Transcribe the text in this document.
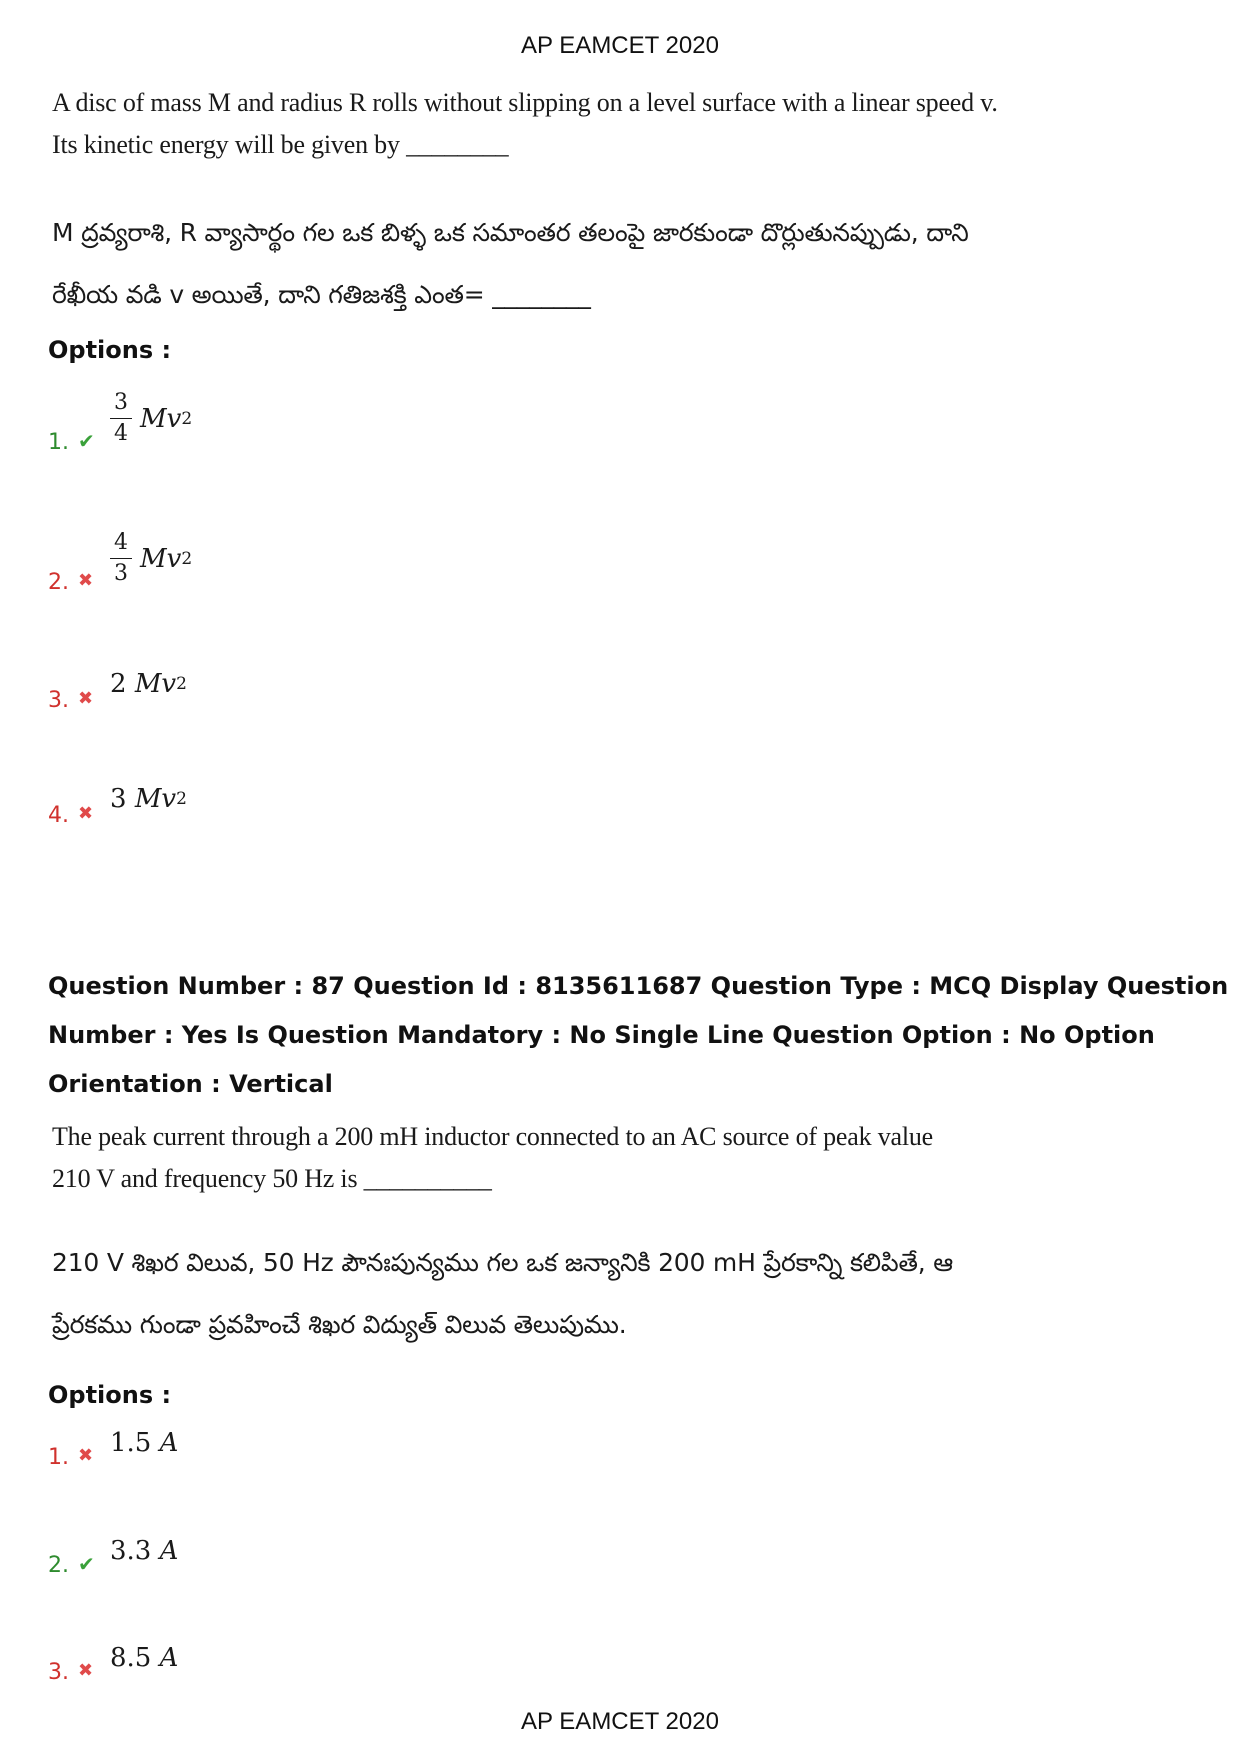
AP EAMCET 2020
A disc of mass M and radius R rolls without slipping on a level surface with a linear speed v.
Its kinetic energy will be given by ________
M ద్రవ్యరాశి, R వ్యాసార్థం గల ఒక బిళ్ళ ఒక సమాంతర తలంపై జారకుండా దొర్లుతునప్పుడు, దాని
రేఖీయ వడి v అయితే, దాని గతిజశక్తి ఎంత= ________
Options :
1. ✔ $\frac{3}{4}$ Mv 2
2. ✖ $\frac{4}{3}$ Mv 2
3. ✖ 2
Mv 2
4. ✖ 3
Mv 2
Question Number : 87 Question Id : 8135611687 Question Type : MCQ Display Question
Number : Yes Is Question Mandatory : No Single Line Question Option : No Option
Orientation : Vertical
The peak current through a 200 mH inductor connected to an AC source of peak value
210 V and frequency 50 Hz is __________
210 V శిఖర విలువ, 50 Hz పౌనఃపున్యము గల ఒక జన్యానికి 200 mH ప్రేరకాన్ని కలిపితే, ఆ
ప్రేరకము గుండా ప్రవహించే శిఖర విద్యుత్ విలువ తెలుపుము.
Options :
1. ✖ 1.5
A
2. ✔ 3.3
A
3. ✖ 8.5
A
AP EAMCET 2020
